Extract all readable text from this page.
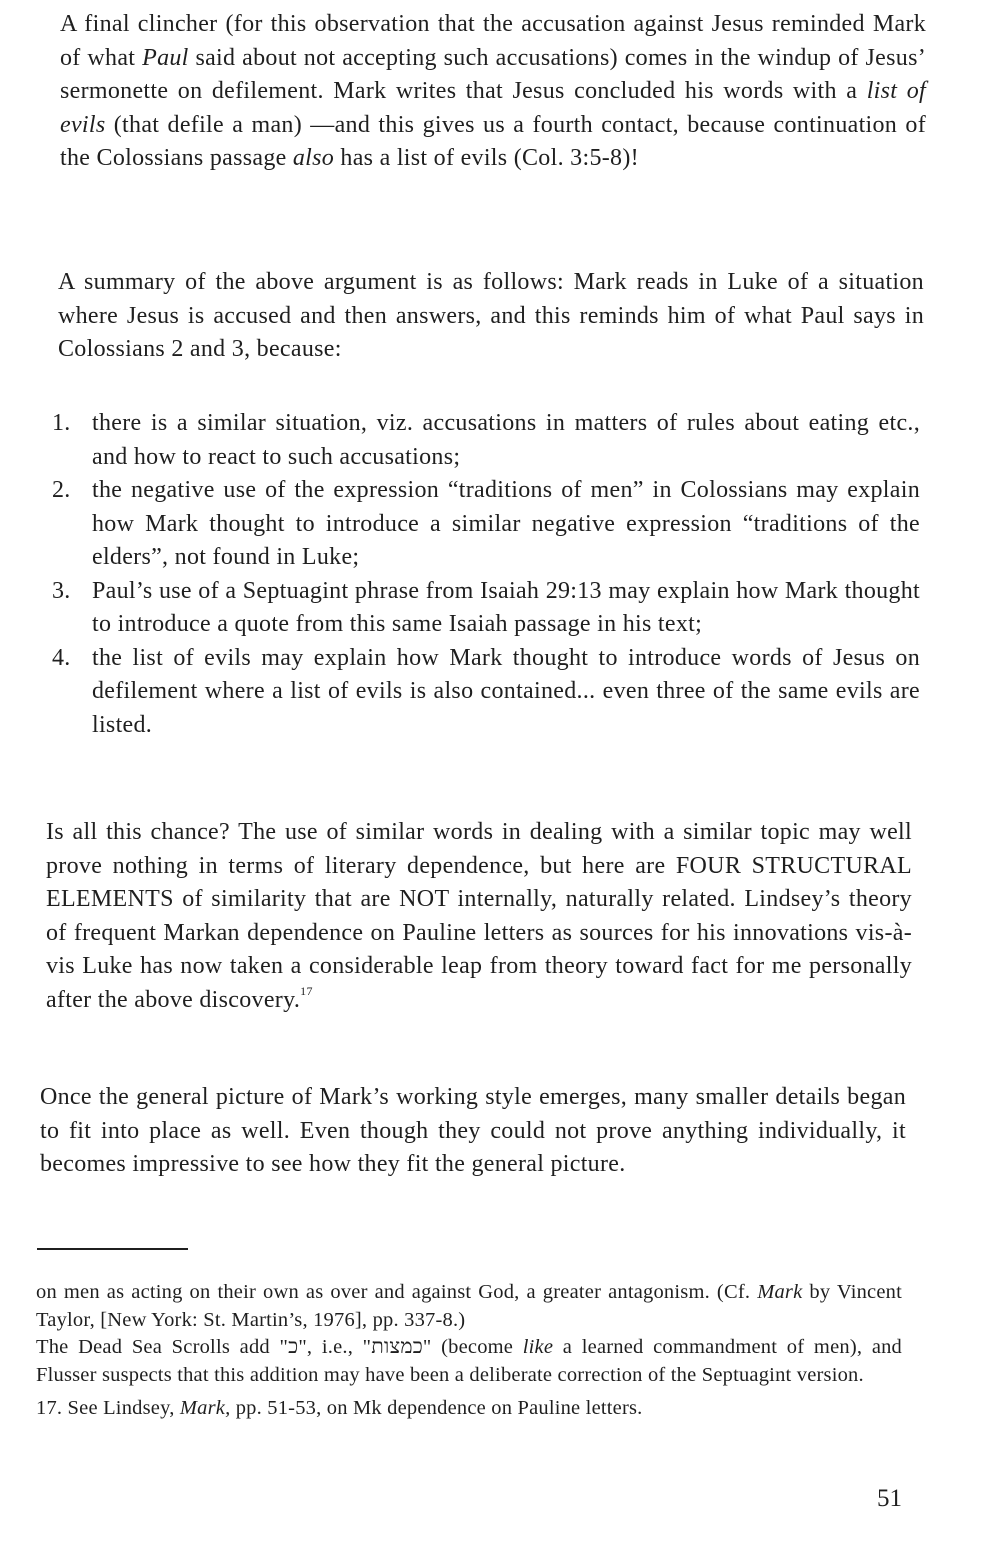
A final clincher (for this observation that the accusation against Jesus reminded Mark of what Paul said about not accepting such accusations) comes in the windup of Jesus’ sermonette on defilement. Mark writes that Jesus concluded his words with a list of evils (that defile a man) —and this gives us a fourth contact, because continuation of the Colossians passage also has a list of evils (Col. 3:5-8)!
A summary of the above argument is as follows: Mark reads in Luke of a situation where Jesus is accused and then answers, and this reminds him of what Paul says in Colossians 2 and 3, because:
1. there is a similar situation, viz. accusations in matters of rules about eating etc., and how to react to such accusations;
2. the negative use of the expression “traditions of men” in Colossians may explain how Mark thought to introduce a similar negative expression “traditions of the elders”, not found in Luke;
3. Paul’s use of a Septuagint phrase from Isaiah 29:13 may explain how Mark thought to introduce a quote from this same Isaiah passage in his text;
4. the list of evils may explain how Mark thought to introduce words of Jesus on defilement where a list of evils is also contained... even three of the same evils are listed.
Is all this chance? The use of similar words in dealing with a similar topic may well prove nothing in terms of literary dependence, but here are FOUR STRUCTURAL ELEMENTS of similarity that are NOT internally, naturally related. Lindsey’s theory of frequent Markan dependence on Pauline letters as sources for his innovations vis-à-vis Luke has now taken a considerable leap from theory toward fact for me personally after the above discovery.$^{17}$
Once the general picture of Mark’s working style emerges, many smaller details began to fit into place as well. Even though they could not prove anything individually, it becomes impressive to see how they fit the general picture.

on men as acting on their own as over and against God, a greater antagonism. (Cf. Mark by Vincent Taylor, [New York: St. Martin’s, 1976], pp. 337-8.)

The Dead Sea Scrolls add "כ", i.e., "כמצות" (become like a learned commandment of men), and Flusser suspects that this addition may have been a deliberate correction of the Septuagint version.

17. See Lindsey, Mark, pp. 51-53, on Mk dependence on Pauline letters.

51
